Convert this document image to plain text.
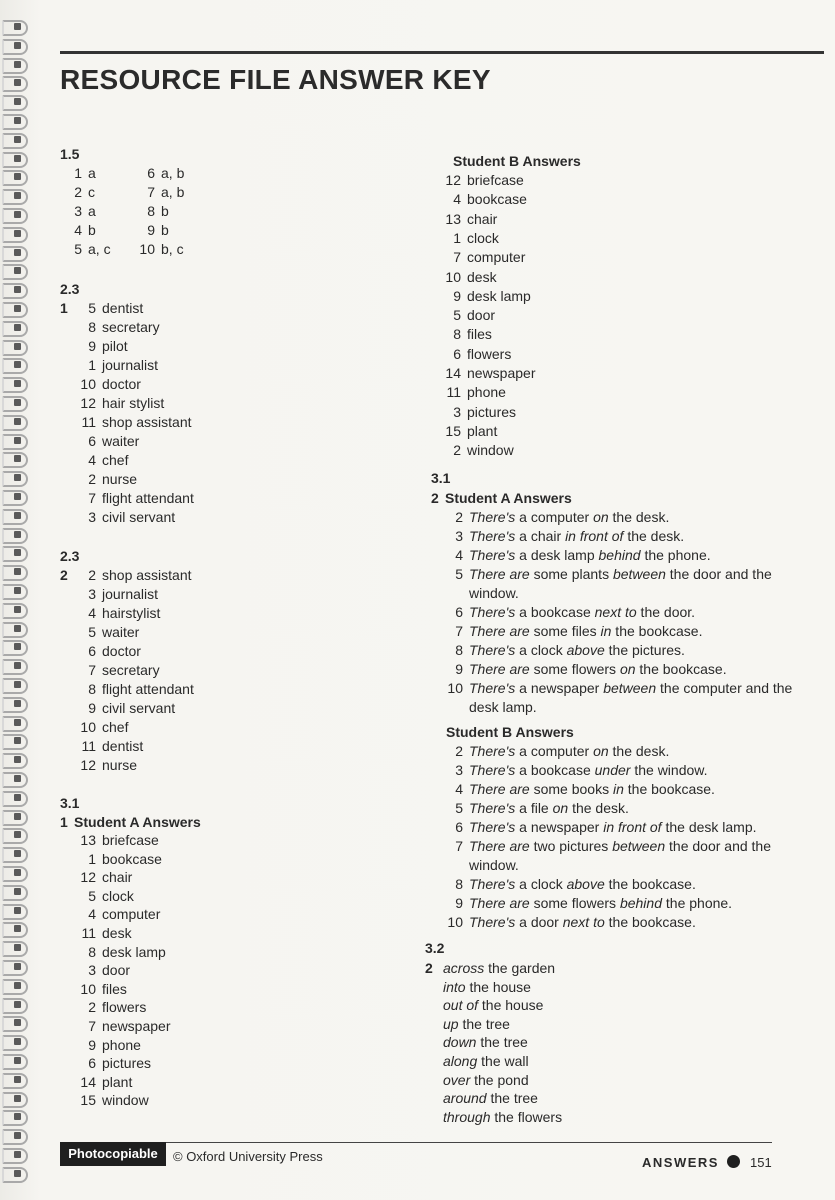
RESOURCE FILE ANSWER KEY
1.5
1 a
2 c
3 a
4 b
5 a, c
6 a, b
7 a, b
8 b
9 b
10 b, c
2.3
1 5 dentist
8 secretary
9 pilot
1 journalist
10 doctor
12 hair stylist
11 shop assistant
6 waiter
4 chef
2 nurse
7 flight attendant
3 civil servant
2.3
2 2 shop assistant
3 journalist
4 hairstylist
5 waiter
6 doctor
7 secretary
8 flight attendant
9 civil servant
10 chef
11 dentist
12 nurse
3.1
1 Student A Answers
13 briefcase
1 bookcase
12 chair
5 clock
4 computer
11 desk
8 desk lamp
3 door
10 files
2 flowers
7 newspaper
9 phone
6 pictures
14 plant
15 window
Student B Answers
12 briefcase
4 bookcase
13 chair
1 clock
7 computer
10 desk
9 desk lamp
5 door
8 files
6 flowers
14 newspaper
11 phone
3 pictures
15 plant
2 window
3.1
2 Student A Answers
2 There's a computer on the desk.
3 There's a chair in front of the desk.
4 There's a desk lamp behind the phone.
5 There are some plants between the door and the window.
6 There's a bookcase next to the door.
7 There are some files in the bookcase.
8 There's a clock above the pictures.
9 There are some flowers on the bookcase.
10 There's a newspaper between the computer and the desk lamp.
Student B Answers
2 There's a computer on the desk.
3 There's a bookcase under the window.
4 There are some books in the bookcase.
5 There's a file on the desk.
6 There's a newspaper in front of the desk lamp.
7 There are two pictures between the door and the window.
8 There's a clock above the bookcase.
9 There are some flowers behind the phone.
10 There's a door next to the bookcase.
3.2
2 across the garden
into the house
out of the house
up the tree
down the tree
along the wall
over the pond
around the tree
through the flowers
Photocopiable	© Oxford University Press	ANSWERS 151
